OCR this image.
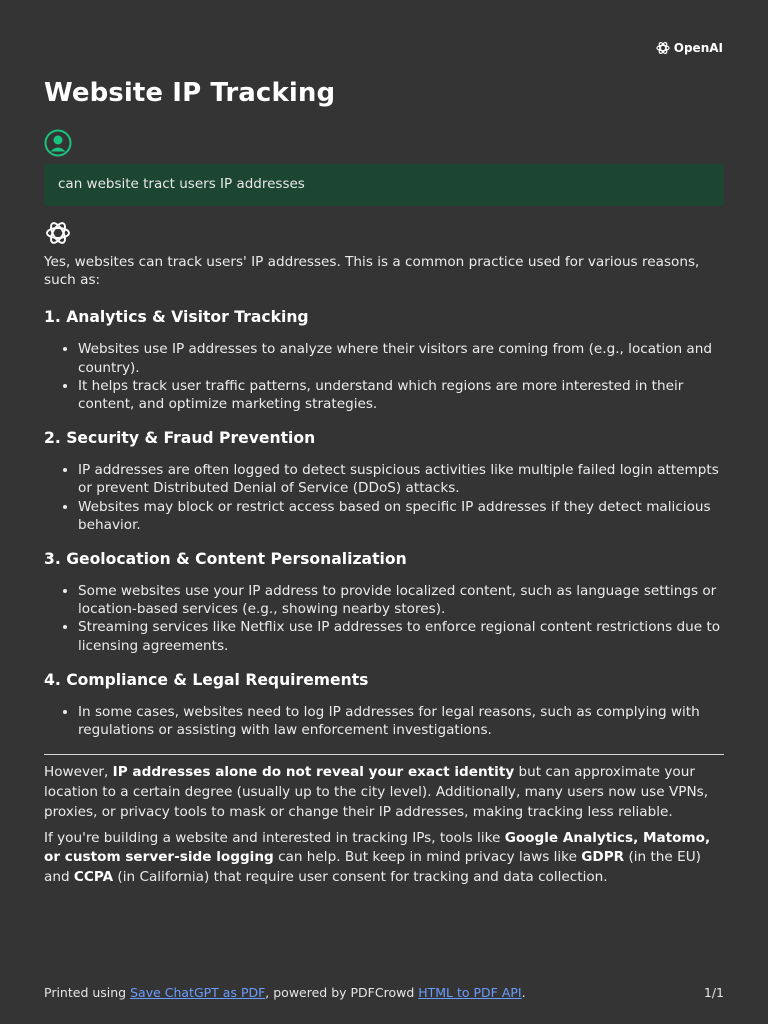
OpenAI
Website IP Tracking
can website tract users IP addresses

Yes, websites can track users' IP addresses. This is a common practice used for various reasons, such as:

1. Analytics & Visitor Tracking
• Websites use IP addresses to analyze where their visitors are coming from (e.g., location and country).
• It helps track user traffic patterns, understand which regions are more interested in their content, and optimize marketing strategies.
2. Security & Fraud Prevention
• IP addresses are often logged to detect suspicious activities like multiple failed login attempts or prevent Distributed Denial of Service (DDoS) attacks.
• Websites may block or restrict access based on specific IP addresses if they detect malicious behavior.
3. Geolocation & Content Personalization
• Some websites use your IP address to provide localized content, such as language settings or location-based services (e.g., showing nearby stores).
• Streaming services like Netflix use IP addresses to enforce regional content restrictions due to licensing agreements.
4. Compliance & Legal Requirements
• In some cases, websites need to log IP addresses for legal reasons, such as complying with regulations or assisting with law enforcement investigations.

However, IP addresses alone do not reveal your exact identity but can approximate your location to a certain degree (usually up to the city level). Additionally, many users now use VPNs, proxies, or privacy tools to mask or change their IP addresses, making tracking less reliable.

If you're building a website and interested in tracking IPs, tools like Google Analytics, Matomo, or custom server-side logging can help. But keep in mind privacy laws like GDPR (in the EU) and CCPA (in California) that require user consent for tracking and data collection.

Printed using Save ChatGPT as PDF, powered by PDFCrowd HTML to PDF API.	1/1
